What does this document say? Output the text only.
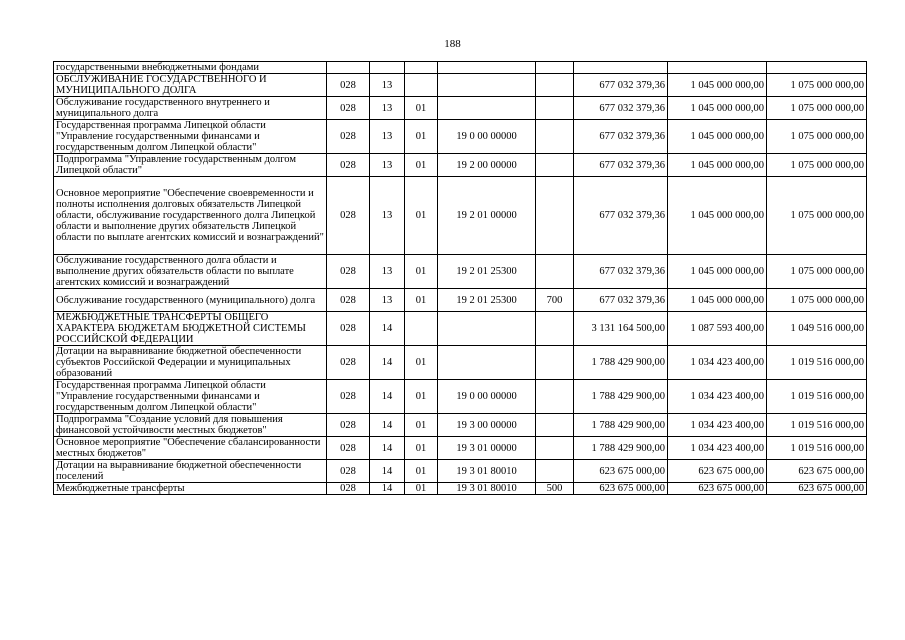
188
государственными внебюджетными фондами								
ОБСЛУЖИВАНИЕ ГОСУДАРСТВЕННОГО И МУНИЦИПАЛЬНОГО ДОЛГА	028	13				677 032 379,36	1 045 000 000,00	1 075 000 000,00
Обслуживание государственного внутреннего и муниципального долга	028	13	01			677 032 379,36	1 045 000 000,00	1 075 000 000,00
Государственная программа Липецкой области "Управление государственными финансами и государственным долгом Липецкой области"	028	13	01	19 0 00 00000		677 032 379,36	1 045 000 000,00	1 075 000 000,00
Подпрограмма "Управление государственным долгом Липецкой области"	028	13	01	19 2 00 00000		677 032 379,36	1 045 000 000,00	1 075 000 000,00
Основное мероприятие "Обеспечение своевременности и полноты исполнения долговых обязательств Липецкой области, обслуживание государственного долга Липецкой области и выполнение других обязательств Липецкой области по выплате агентских комиссий и вознаграждений"	028	13	01	19 2 01 00000		677 032 379,36	1 045 000 000,00	1 075 000 000,00
Обслуживание государственного долга области и выполнение других обязательств области по выплате агентских комиссий и вознаграждений	028	13	01	19 2 01 25300		677 032 379,36	1 045 000 000,00	1 075 000 000,00
Обслуживание государственного (муниципального) долга	028	13	01	19 2 01 25300	700	677 032 379,36	1 045 000 000,00	1 075 000 000,00
МЕЖБЮДЖЕТНЫЕ ТРАНСФЕРТЫ ОБЩЕГО ХАРАКТЕРА БЮДЖЕТАМ БЮДЖЕТНОЙ СИСТЕМЫ РОССИЙСКОЙ ФЕДЕРАЦИИ	028	14				3 131 164 500,00	1 087 593 400,00	1 049 516 000,00
Дотации на выравнивание бюджетной обеспеченности субъектов Российской Федерации и муниципальных образований	028	14	01			1 788 429 900,00	1 034 423 400,00	1 019 516 000,00
Государственная программа Липецкой области "Управление государственными финансами и государственным долгом Липецкой области"	028	14	01	19 0 00 00000		1 788 429 900,00	1 034 423 400,00	1 019 516 000,00
Подпрограмма "Создание условий для повышения финансовой устойчивости местных бюджетов"	028	14	01	19 3 00 00000		1 788 429 900,00	1 034 423 400,00	1 019 516 000,00
Основное мероприятие "Обеспечение сбалансированности местных бюджетов"	028	14	01	19 3 01 00000		1 788 429 900,00	1 034 423 400,00	1 019 516 000,00
Дотации на выравнивание бюджетной обеспеченности поселений	028	14	01	19 3 01 80010		623 675 000,00	623 675 000,00	623 675 000,00
Межбюджетные трансферты	028	14	01	19 3 01 80010	500	623 675 000,00	623 675 000,00	623 675 000,00
